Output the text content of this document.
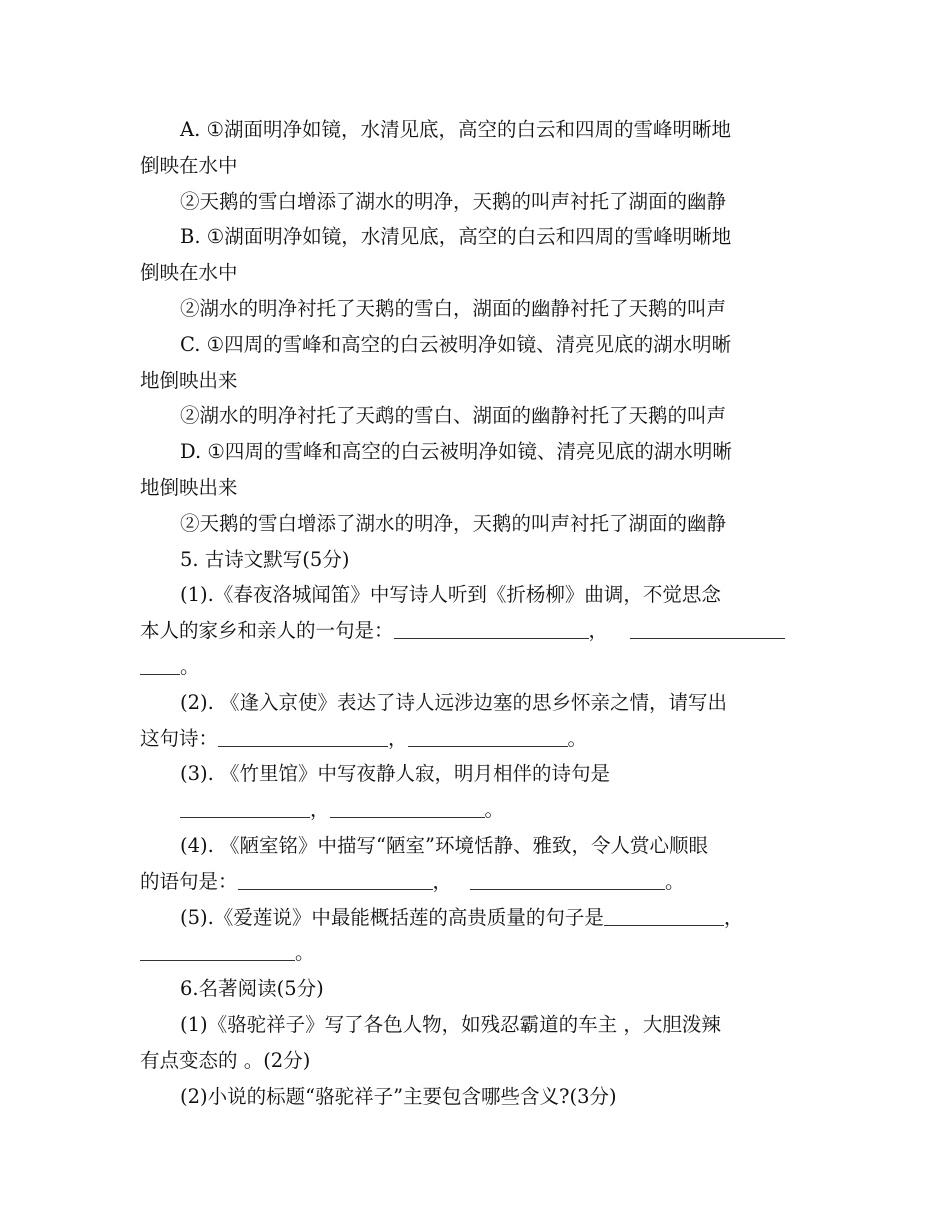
A. ①湖面明净如镜，水清见底，高空的白云和四周的雪峰明晰地
倒映在水中
②天鹅的雪白增添了湖水的明净，天鹅的叫声衬托了湖面的幽静
B. ①湖面明净如镜，水清见底，高空的白云和四周的雪峰明晰地
倒映在水中
②湖水的明净衬托了天鹅的雪白，湖面的幽静衬托了天鹅的叫声
C. ①四周的雪峰和高空的白云被明净如镜、清亮见底的湖水明晰
地倒映出来
②湖水的明净衬托了天鹉的雪白、湖面的幽静衬托了天鹅的叫声
D. ①四周的雪峰和高空的白云被明净如镜、清亮见底的湖水明晰
地倒映出来
②天鹅的雪白增添了湖水的明净，天鹅的叫声衬托了湖面的幽静
5. 古诗文默写(5分)
(1).《春夜洛城闻笛》中写诗人听到《折杨柳》曲调，不觉思念
本人的家乡和亲人的一句是：	，
。
(2). 《逢入京使》表达了诗人远涉边塞的思乡怀亲之情，请写出
这句诗：	，	。
(3). 《竹里馆》中写夜静人寂，明月相伴的诗句是
，	。
(4). 《陋室铭》中描写“陋室”环境恬静、雅致，令人赏心顺眼
的语句是：	，	。
(5).《爱莲说》中最能概括莲的高贵质量的句子是	，
。
6.名著阅读(5分)
(1)《骆驼祥子》写了各色人物，如残忍霸道的车主 ，大胆泼辣
有点变态的 。(2分)
(2)小说的标题“骆驼祥子”主要包含哪些含义?(3分)
